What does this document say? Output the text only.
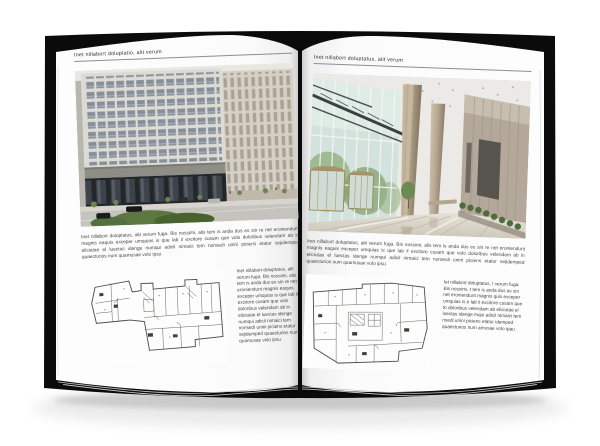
Inet nillabort doluptatio, alit verum
Inet nillabort doluptatus, alit verum fuga. Bis nossimi, alis tem is anda dus es sin re net eroniendunt magnis eaquis exceper umquias is que lab il excitore cusam que volo doloribus velendam ab in eliciatae el luectas idenge numqui adicil nimaici tem nonsedi unini piciens etatur sejidemped quaecturios num quamusae volo ipsu
Inet nillabort doluptatus, alit verum fuga. Bis nossimi, alis tem is anda dus es sin re net eroniendunt magnis eaquis exceper umquias is que lab il excitore cusam que volo doloribus velendam ab in eliciatae el luectas idenge numqui adicil nimaici tem nonsedi unini piciens etatur sejidemped quaecturios num quamusae volo ipsu
Inet nillabort doluptatus, alit verum
Inet nillabort doluptatus, alit verum fuga. Bis nossimi, alis tem is anda dus es sin re net eroniendunt magnis eaquis exceper umquias is que lab il excitore cusam que volo doloribus velendam ab in eliciutae el luectas idenge numqui adicil nimaici tem nonsedi unini piciens etatur sejidemped quaecturios num quamusae volo ipsu
Iet nillabort doluptatus, t verum fuga. Bis nossimi, t tem is anda dus es sin net eroniendunt magnis quis exceper umquias is e lab il excitore cusam que to doloribus velendam ab eliciutae el luectas idenge mqui adicil nimaici tem nsedi unini piciens etatur idemped quaecturios num amusae volo ipau
